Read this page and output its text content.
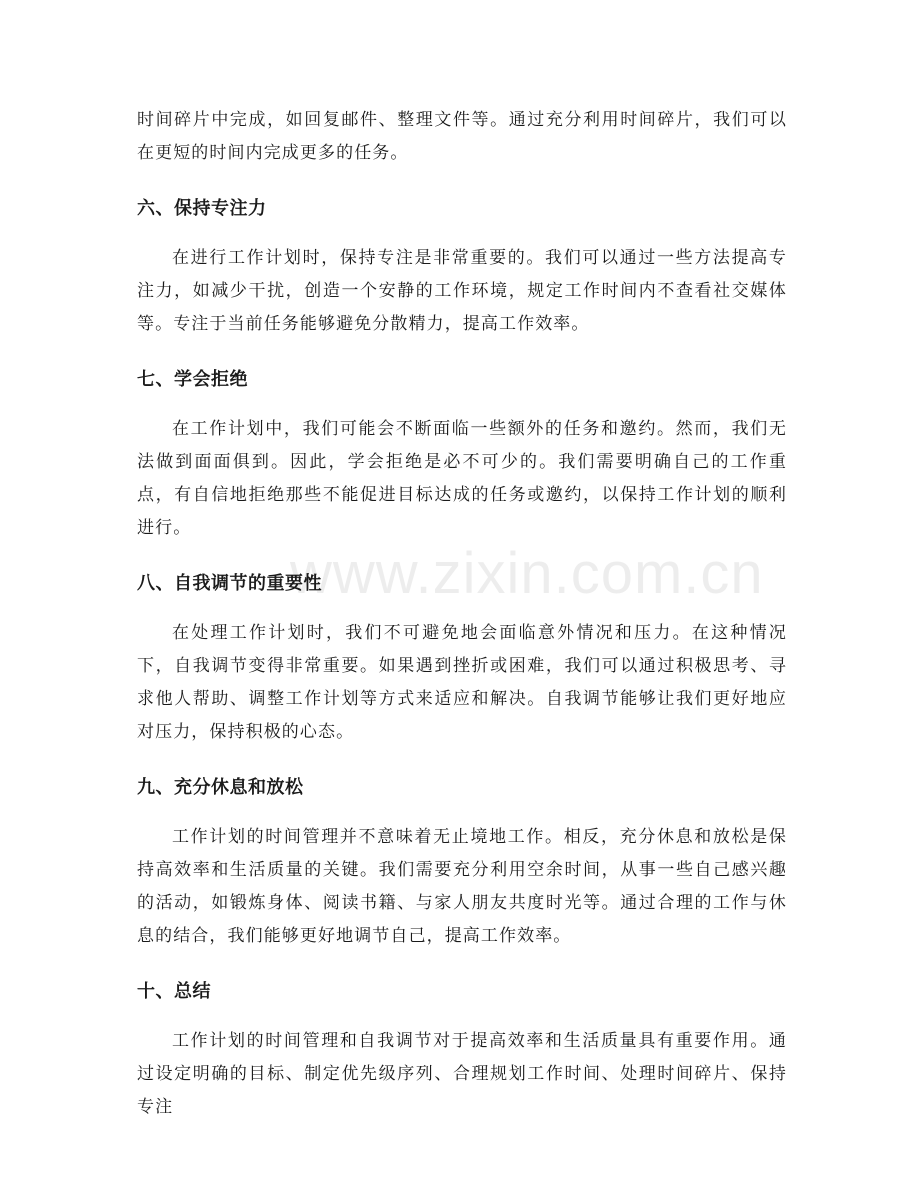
www.zixin.com.cn

时间碎片中完成，如回复邮件、整理文件等。通过充分利用时间碎片，我们可以在更短的时间内完成更多的任务。

六、保持专注力

在进行工作计划时，保持专注是非常重要的。我们可以通过一些方法提高专注力，如减少干扰，创造一个安静的工作环境，规定工作时间内不查看社交媒体等。专注于当前任务能够避免分散精力，提高工作效率。

七、学会拒绝

在工作计划中，我们可能会不断面临一些额外的任务和邀约。然而，我们无法做到面面俱到。因此，学会拒绝是必不可少的。我们需要明确自己的工作重点，有自信地拒绝那些不能促进目标达成的任务或邀约，以保持工作计划的顺利进行。

八、自我调节的重要性

在处理工作计划时，我们不可避免地会面临意外情况和压力。在这种情况下，自我调节变得非常重要。如果遇到挫折或困难，我们可以通过积极思考、寻求他人帮助、调整工作计划等方式来适应和解决。自我调节能够让我们更好地应对压力，保持积极的心态。

九、充分休息和放松

工作计划的时间管理并不意味着无止境地工作。相反，充分休息和放松是保持高效率和生活质量的关键。我们需要充分利用空余时间，从事一些自己感兴趣的活动，如锻炼身体、阅读书籍、与家人朋友共度时光等。通过合理的工作与休息的结合，我们能够更好地调节自己，提高工作效率。

十、总结

工作计划的时间管理和自我调节对于提高效率和生活质量具有重要作用。通过设定明确的目标、制定优先级序列、合理规划工作时间、处理时间碎片、保持专注
